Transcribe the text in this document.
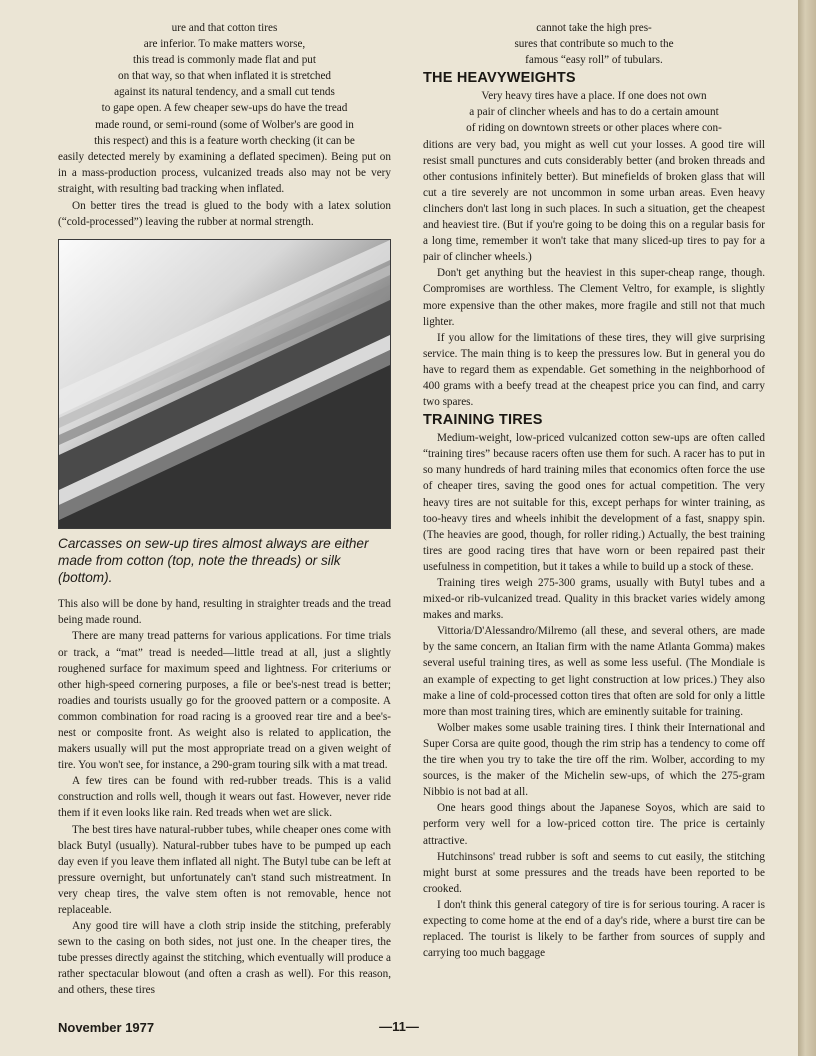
ure and that cotton tires

are inferior. To make matters worse,

this tread is commonly made flat and put

on that way, so that when inflated it is stretched

against its natural tendency, and a small cut tends

to gape open. A few cheaper sew-ups do have the tread

made round, or semi-round (some of Wolber's are good in

this respect) and this is a feature worth checking (it can be

easily detected merely by examining a deflated specimen). Being put on in a mass-production process, vulcanized treads also may not be very straight, with resulting bad tracking when inflated.

On better tires the tread is glued to the body with a latex solution (“cold-processed”) leaving the rubber at normal strength.

Carcasses on sew-up tires almost always are either made from cotton (top, note the threads) or silk (bottom).

This also will be done by hand, resulting in straighter treads and the tread being made round.

There are many tread patterns for various applications. For time trials or track, a “mat” tread is needed—little tread at all, just a slightly roughened surface for maximum speed and lightness. For criteriums or other high-speed cornering purposes, a file or bee's-nest tread is better; roadies and tourists usually go for the grooved pattern or a composite. A common combination for road racing is a grooved rear tire and a bee's-nest or composite front. As weight also is related to application, the makers usually will put the most appropriate tread on a given weight of tire. You won't see, for instance, a 290-gram touring silk with a mat tread.

A few tires can be found with red-rubber treads. This is a valid construction and rolls well, though it wears out fast. However, never ride them if it even looks like rain. Red treads when wet are slick.

The best tires have natural-rubber tubes, while cheaper ones come with black Butyl (usually). Natural-rubber tubes have to be pumped up each day even if you leave them inflated all night. The Butyl tube can be left at pressure overnight, but unfortunately can't stand such mistreatment. In very cheap tires, the valve stem often is not removable, hence not replaceable.

Any good tire will have a cloth strip inside the stitching, preferably sewn to the casing on both sides, not just one. In the cheaper tires, the tube presses directly against the stitching, which eventually will produce a rather spectacular blowout (and often a crash as well). For this reason, and others, these tires

cannot take the high pres-

sures that contribute so much to the

famous “easy roll” of tubulars.

THE HEAVYWEIGHTS

Very heavy tires have a place. If one does not own

a pair of clincher wheels and has to do a certain amount

of riding on downtown streets or other places where con-

ditions are very bad, you might as well cut your losses. A good tire will resist small punctures and cuts considerably better (and broken threads and other contusions infinitely better). But minefields of broken glass that will cut a tire severely are not uncommon in some urban areas. Even heavy clinchers don't last long in such places. In such a situation, get the cheapest and heaviest tire. (But if you're going to be doing this on a regular basis for a long time, remember it won't take that many sliced-up tires to pay for a pair of clincher wheels.)

Don't get anything but the heaviest in this super-cheap range, though. Compromises are worthless. The Clement Veltro, for example, is slightly more expensive than the other makes, more fragile and still not that much lighter.

If you allow for the limitations of these tires, they will give surprising service. The main thing is to keep the pressures low. But in general you do have to regard them as expendable. Get something in the neighborhood of 400 grams with a beefy tread at the cheapest price you can find, and carry two spares.

TRAINING TIRES

Medium-weight, low-priced vulcanized cotton sew-ups are often called “training tires” because racers often use them for such. A racer has to put in so many hundreds of hard training miles that economics often force the use of cheaper tires, saving the good ones for actual competition. The very heavy tires are not suitable for this, except perhaps for winter training, as too-heavy tires and wheels inhibit the development of a fast, snappy spin. (The heavies are good, though, for roller riding.) Actually, the best training tires are good racing tires that have worn or been repaired past their usefulness in competition, but it takes a while to build up a stock of these.

Training tires weigh 275-300 grams, usually with Butyl tubes and a mixed-or rib-vulcanized tread. Quality in this bracket varies widely among makes and marks.

Vittoria/D'Alessandro/Milremo (all these, and several others, are made by the same concern, an Italian firm with the name Atlanta Gomma) makes several useful training tires, as well as some less useful. (The Mondiale is an example of expecting to get light construction at low prices.) They also make a line of cold-processed cotton tires that often are sold for only a little more than most training tires, which are eminently suitable for training.

Wolber makes some usable training tires. I think their International and Super Corsa are quite good, though the rim strip has a tendency to come off the tire when you try to take the tire off the rim. Wolber, according to my sources, is the maker of the Michelin sew-ups, of which the 275-gram Nibbio is not bad at all.

One hears good things about the Japanese Soyos, which are said to perform very well for a low-priced cotton tire. The price is certainly attractive.

Hutchinsons' tread rubber is soft and seems to cut easily, the stitching might burst at some pressures and the treads have been reported to be crooked.

I don't think this general category of tire is for serious touring. A racer is expecting to come home at the end of a day's ride, where a burst tire can be replaced. The tourist is likely to be farther from sources of supply and carrying too much baggage

November 1977	—11—
